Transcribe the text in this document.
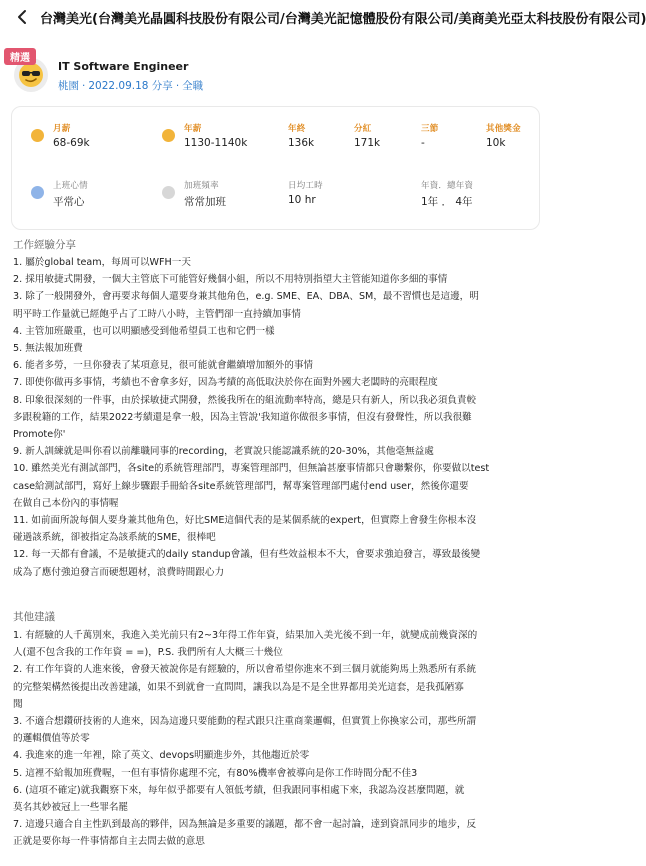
台灣美光(台灣美光晶圓科技股份有限公司/台灣美光記憶體股份有限公司/美商美光亞太科技股份有限公司)
精選
IT Software Engineer
桃園 · 2022.09.18 分享 · 全職
月薪
68-69k
年薪
1130-1140k
年終
136k
分紅
171k
三節
-
其他獎金
10k
上班心情
平常心
加班頻率
常常加班
日均工時
10 hr
年資．總年資
1年 ． 4年
工作經驗分享

1. 屬於global team，每周可以WFH一天

2. 採用敏捷式開發，一個大主管底下可能管好幾個小組，所以不用特別指望大主管能知道你多細的事情

3. 除了一般開發外，會再要求每個人還要身兼其他角色，e.g. SME、EA、DBA、SM，最不習慣也是這邊，明

明平時工作量就已經飽乎占了工時八小時，主管們卻一直持續加事情

4. 主管加班嚴重，也可以明顯感受到他希望員工也和它們一樣

5. 無法報加班費

6. 能者多勞，一旦你發表了某項意見，很可能就會繼續增加額外的事情

7. 即使你做再多事情，考績也不會拿多好，因為考績的高低取決於你在面對外國大老闆時的亮眼程度

8. 印象很深刻的一件事，由於採敏捷式開發，然後我所在的組流動率特高，總是只有新人，所以我必須負責較

多跟稅籍的工作，結果2022考績還是拿一般，因為主管說'我知道你做很多事情，但沒有發聲性，所以我很難

Promote你'

9. 新人訓練就是叫你看以前離職同事的recording，老實說只能認識系統的20-30%，其他毫無益處

10. 雖然美光有測試部門，各site的系統管理部門，專案管理部門，但無論甚麼事情都只會聯繫你，你要做以test

case給測試部門，寫好上線步驟跟手冊給各site系統管理部門，幫專案管理部門處付end user，然後你還要

在做自己本份內的事情喔

11. 如前面所說每個人要身兼其他角色，好比SME這個代表的是某個系統的expert，但實際上會發生你根本沒

碰過該系統，卻被指定為該系統的SME，很棒吧

12. 每一天都有會議，不是敏捷式的daily standup會議，但有些效益根本不大，會要求強迫發言，導致最後變

成為了應付強迫發言而硬想題材，浪費時間跟心力

其他建議

1. 有經驗的人千萬別來，我進入美光前只有2~3年得工作年資，結果加入美光後不到一年，就變成前幾資深的

人(還不包含我的工作年資 = =)，P.S. 我們所有人大概三十幾位

2. 有工作年資的人進來後，會發天被說你是有經驗的，所以會希望你進來不到三個月就能夠馬上熟悉所有系統

的完整架構然後提出改善建議，如果不到就會一直問問，讓我以為是不是全世界都用美光這套，是我孤陋寡

聞

3. 不適合想鑽研技術的人進來，因為這邊只要能動的程式跟只注重商業邏輯，但實質上你換家公司，那些所謂

的邏輯價值等於零

4. 我進來的進一年裡，除了英文、devops明顯進步外，其他趨近於零

5. 這裡不給報加班費喔，一但有事情你處理不完，有80%機率會被導向是你工作時間分配不佳3

6. (這項不確定)就我觀察下來，每年似乎都要有人領低考績，但我跟同事相處下來，我認為沒甚麼問題，就

莫名其妙被冠上一些罪名罷

7. 這邊只適合自主性趴到最高的夥伴，因為無論是多重要的議題，都不會一起討論，達到資訊同步的地步，反

正就是要你每一件事情都自主去問去做的意思
